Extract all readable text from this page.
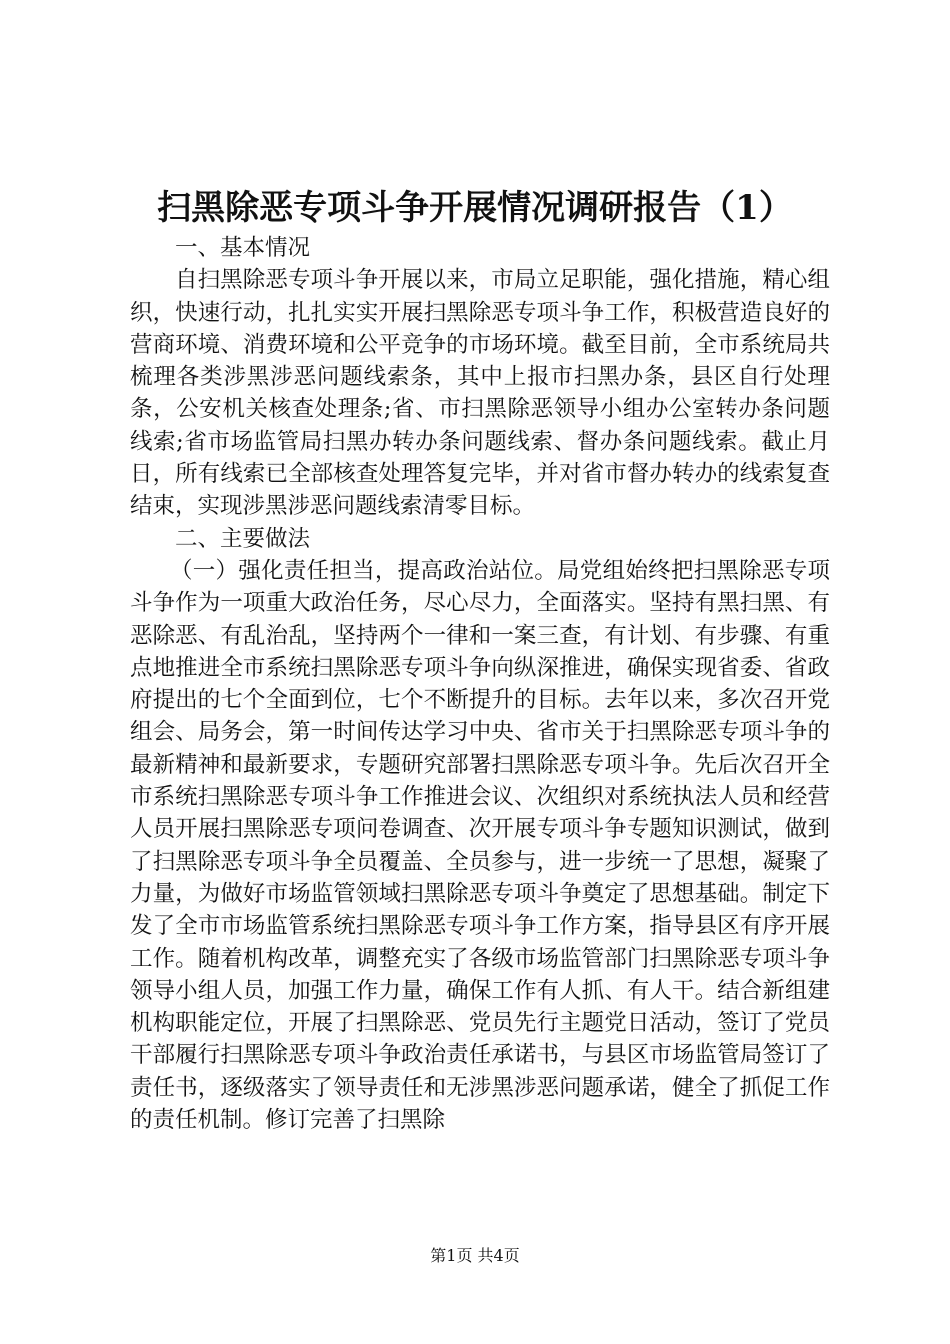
扫黑除恶专项斗争开展情况调研报告（1）

一、基本情况

自扫黑除恶专项斗争开展以来，市局立足职能，强化措施，精心组织，快速行动，扎扎实实开展扫黑除恶专项斗争工作，积极营造良好的营商环境、消费环境和公平竞争的市场环境。截至目前，全市系统局共梳理各类涉黑涉恶问题线索条，其中上报市扫黑办条，县区自行处理条，公安机关核查处理条;省、市扫黑除恶领导小组办公室转办条问题线索;省市场监管局扫黑办转办条问题线索、督办条问题线索。截止月日，所有线索已全部核查处理答复完毕，并对省市督办转办的线索复查结束，实现涉黑涉恶问题线索清零目标。

二、主要做法

（一）强化责任担当，提高政治站位。局党组始终把扫黑除恶专项斗争作为一项重大政治任务，尽心尽力，全面落实。坚持有黑扫黑、有恶除恶、有乱治乱，坚持两个一律和一案三查，有计划、有步骤、有重点地推进全市系统扫黑除恶专项斗争向纵深推进，确保实现省委、省政府提出的七个全面到位，七个不断提升的目标。去年以来，多次召开党组会、局务会，第一时间传达学习中央、省市关于扫黑除恶专项斗争的最新精神和最新要求，专题研究部署扫黑除恶专项斗争。先后次召开全市系统扫黑除恶专项斗争工作推进会议、次组织对系统执法人员和经营人员开展扫黑除恶专项问卷调查、次开展专项斗争专题知识测试，做到了扫黑除恶专项斗争全员覆盖、全员参与，进一步统一了思想，凝聚了力量，为做好市场监管领域扫黑除恶专项斗争奠定了思想基础。制定下发了全市市场监管系统扫黑除恶专项斗争工作方案，指导县区有序开展工作。随着机构改革，调整充实了各级市场监管部门扫黑除恶专项斗争领导小组人员，加强工作力量，确保工作有人抓、有人干。结合新组建机构职能定位，开展了扫黑除恶、党员先行主题党日活动，签订了党员干部履行扫黑除恶专项斗争政治责任承诺书，与县区市场监管局签订了责任书，逐级落实了领导责任和无涉黑涉恶问题承诺，健全了抓促工作的责任机制。修订完善了扫黑除

第1页 共4页
